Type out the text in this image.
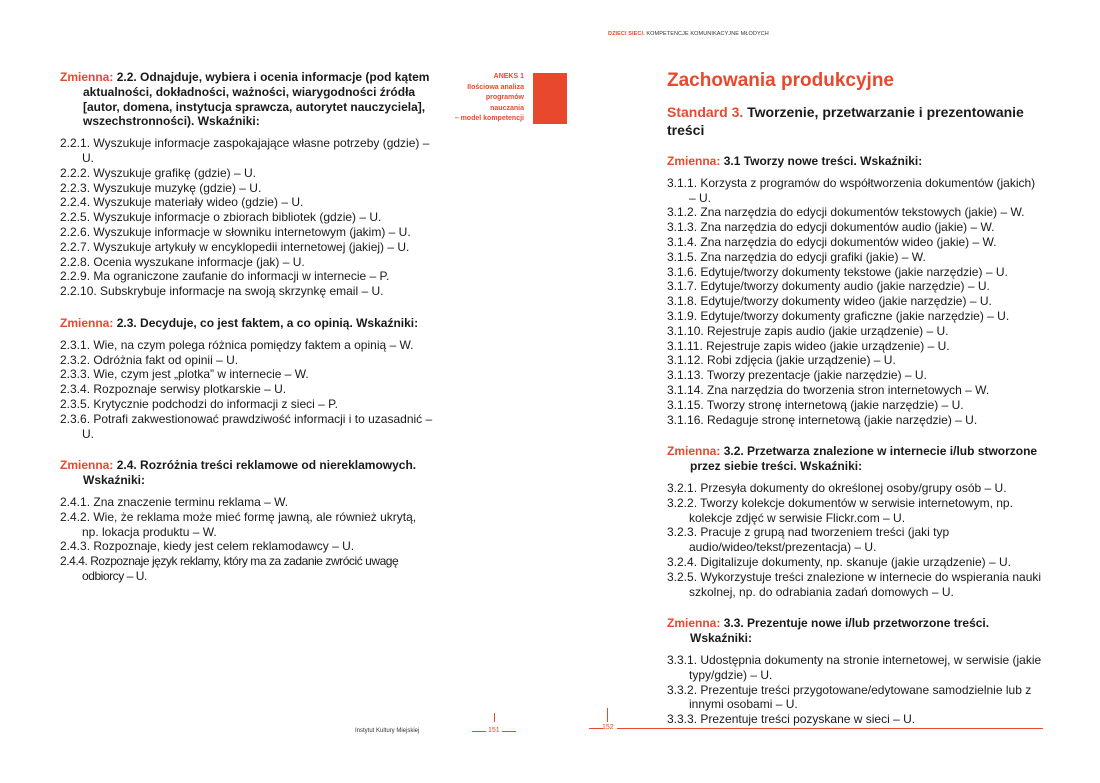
DZIECI SIECI. KOMPETENCJE KOMUNIKACYJNE MŁODYCH
ANEKS 1
Ilościowa analiza
programów
nauczania
– model kompetencji
Zmienna: 2.2. Odnajduje, wybiera i ocenia informacje (pod kątem aktualności, dokładności, ważności, wiarygodności źródła [autor, domena, instytucja sprawcza, autorytet nauczyciela], wszechstronności). Wskaźniki:
2.2.1. Wyszukuje informacje zaspokajające własne potrzeby (gdzie) – U.
2.2.2. Wyszukuje grafikę (gdzie) – U.
2.2.3. Wyszukuje muzykę (gdzie) – U.
2.2.4. Wyszukuje materiały wideo (gdzie) – U.
2.2.5. Wyszukuje informacje o zbiorach bibliotek (gdzie) – U.
2.2.6. Wyszukuje informacje w słowniku internetowym (jakim) – U.
2.2.7. Wyszukuje artykuły w encyklopedii internetowej (jakiej) – U.
2.2.8. Ocenia wyszukane informacje (jak) – U.
2.2.9. Ma ograniczone zaufanie do informacji w internecie – P.
2.2.10. Subskrybuje informacje na swoją skrzynkę email – U.
Zmienna: 2.3. Decyduje, co jest faktem, a co opinią. Wskaźniki:
2.3.1. Wie, na czym polega różnica pomiędzy faktem a opinią – W.
2.3.2. Odróżnia fakt od opinii – U.
2.3.3. Wie, czym jest „plotka” w internecie – W.
2.3.4. Rozpoznaje serwisy plotkarskie – U.
2.3.5. Krytycznie podchodzi do informacji z sieci – P.
2.3.6. Potrafi zakwestionować prawdziwość informacji i to uzasadnić – U.
Zmienna: 2.4. Rozróżnia treści reklamowe od niereklamowych. Wskaźniki:
2.4.1. Zna znaczenie terminu reklama – W.
2.4.2. Wie, że reklama może mieć formę jawną, ale również ukrytą, np. lokacja produktu – W.
2.4.3. Rozpoznaje, kiedy jest celem reklamodawcy – U.
2.4.4. Rozpoznaje język reklamy, który ma za zadanie zwrócić uwagę odbiorcy – U.
Zachowania produkcyjne
Standard 3. Tworzenie, przetwarzanie i prezentowanie treści
Zmienna: 3.1 Tworzy nowe treści. Wskaźniki:
3.1.1. Korzysta z programów do współtworzenia dokumentów (jakich) – U.
3.1.2. Zna narzędzia do edycji dokumentów tekstowych (jakie) – W.
3.1.3. Zna narzędzia do edycji dokumentów audio (jakie) – W.
3.1.4. Zna narzędzia do edycji dokumentów wideo (jakie) – W.
3.1.5. Zna narzędzia do edycji grafiki (jakie) – W.
3.1.6. Edytuje/tworzy dokumenty tekstowe (jakie narzędzie) – U.
3.1.7. Edytuje/tworzy dokumenty audio (jakie narzędzie) – U.
3.1.8. Edytuje/tworzy dokumenty wideo (jakie narzędzie) – U.
3.1.9. Edytuje/tworzy dokumenty graficzne (jakie narzędzie) – U.
3.1.10. Rejestruje zapis audio (jakie urządzenie) – U.
3.1.11. Rejestruje zapis wideo (jakie urządzenie) – U.
3.1.12. Robi zdjęcia (jakie urządzenie) – U.
3.1.13. Tworzy prezentacje (jakie narzędzie) – U.
3.1.14. Zna narzędzia do tworzenia stron internetowych – W.
3.1.15. Tworzy stronę internetową (jakie narzędzie) – U.
3.1.16. Redaguje stronę internetową (jakie narzędzie) – U.
Zmienna: 3.2. Przetwarza znalezione w internecie i/lub stworzone przez siebie treści. Wskaźniki:
3.2.1. Przesyła dokumenty do określonej osoby/grupy osób – U.
3.2.2. Tworzy kolekcje dokumentów w serwisie internetowym, np. kolekcje zdjęć w serwisie Flickr.com – U.
3.2.3. Pracuje z grupą nad tworzeniem treści (jaki typ audio/wideo/tekst/prezentacja) – U.
3.2.4. Digitalizuje dokumenty, np. skanuje (jakie urządzenie) – U.
3.2.5. Wykorzystuje treści znalezione w internecie do wspierania nauki szkolnej, np. do odrabiania zadań domowych – U.
Zmienna: 3.3. Prezentuje nowe i/lub przetworzone treści. Wskaźniki:
3.3.1. Udostępnia dokumenty na stronie internetowej, w serwisie (jakie typy/gdzie) – U.
3.3.2. Prezentuje treści przygotowane/edytowane samodzielnie lub z innymi osobami – U.
3.3.3. Prezentuje treści pozyskane w sieci – U.
Instytut Kultury Miejskiej	151	152
